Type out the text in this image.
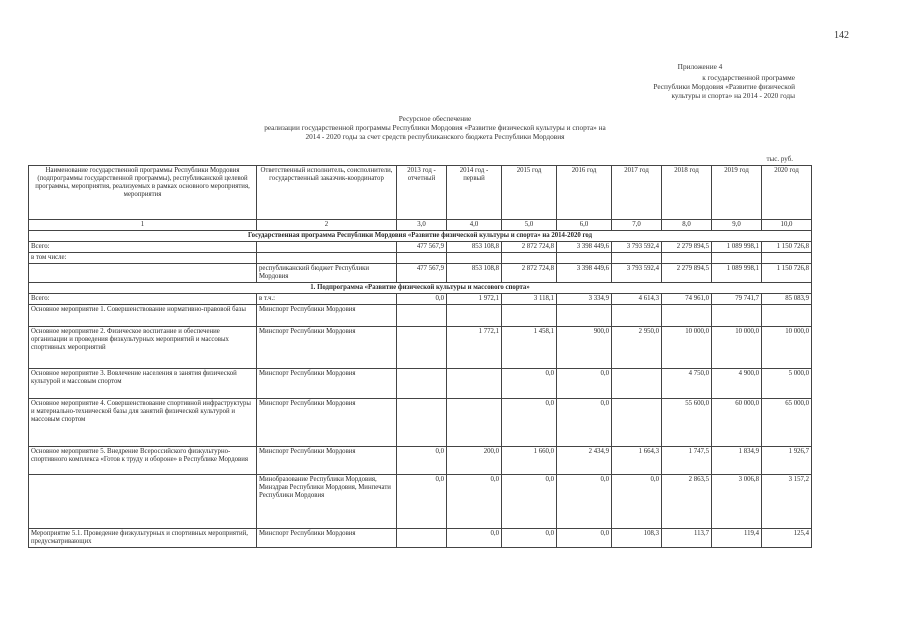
142
Приложение 4
к государственной программе
Республики Мордовия «Развитие физической
культуры и спорта» на 2014 - 2020 годы
Ресурсное обеспечение
реализации государственной программы Республики Мордовия «Развитие физической культуры и спорта» на
2014 - 2020 годы за счет средств республиканского бюджета Республики Мордовия
тыс. руб.
Наименование государственной программы Республики Мордовия (подпрограммы государственной программы), республиканской целевой программы, мероприятия, реализуемых в рамках основного мероприятия, мероприятия	Ответственный исполнитель, соисполнители, государственный заказчик-координатор	2013 год - отчетный	2014 год - первый	2015 год	2016 год	2017 год	2018 год	2019 год	2020 год
1	2	3,0	4,0	5,0	6,0	7,0	8,0	9,0	10,0
Государственная программа Республики Мордовия «Развитие физической культуры и спорта» на 2014-2020 год									
Всего:		477 567,9	853 108,8	2 872 724,8	3 398 449,6	3 793 592,4	2 279 894,5	1 089 998,1	1 150 726,8
в том числе:									
	республиканский бюджет Республики Мордовия	477 567,9	853 108,8	2 872 724,8	3 398 449,6	3 793 592,4	2 279 894,5	1 089 998,1	1 150 726,8
1. Подпрограмма «Развитие физической культуры и массового спорта»									
Всего:	в т.ч.:	0,0	1 972,1	3 118,1	3 334,9	4 614,3	74 961,0	79 741,7	85 083,9
Основное мероприятие 1. Совершенствование нормативно-правовой базы	Минспорт Республики Мордовия								
Основное мероприятие 2. Физическое воспитание и обеспечение организации и проведения физкультурных мероприятий и массовых спортивных мероприятий	Минспорт Республики Мордовия		1 772,1	1 458,1	900,0	2 950,0	10 000,0	10 000,0	10 000,0
Основное мероприятие 3. Вовлечение населения в занятия физической культурой и массовым спортом	Минспорт Республики Мордовия			0,0	0,0		4 750,0	4 900,0	5 000,0
Основное мероприятие 4. Совершенствование спортивной инфраструктуры и материально-технической базы для занятий физической культурой и массовым спортом	Минспорт Республики Мордовия			0,0	0,0		55 600,0	60 000,0	65 000,0
Основное мероприятие 5. Внедрение Всероссийского физкультурно-спортивного комплекса «Готов к труду и обороне» в Республике Мордовия	Минспорт Республики Мордовия	0,0	200,0	1 660,0	2 434,9	1 664,3	1 747,5	1 834,9	1 926,7
	Минобразование Республики Мордовия, Минздрав Республики Мордовия, Минпечати Республики Мордовия	0,0	0,0	0,0	0,0	0,0	2 863,5	3 006,8	3 157,2
Мероприятие 5.1. Проведение физкультурных и спортивных мероприятий, предусматривающих	Минспорт Республики Мордовия		0,0	0,0	0,0	108,3	113,7	119,4	125,4
